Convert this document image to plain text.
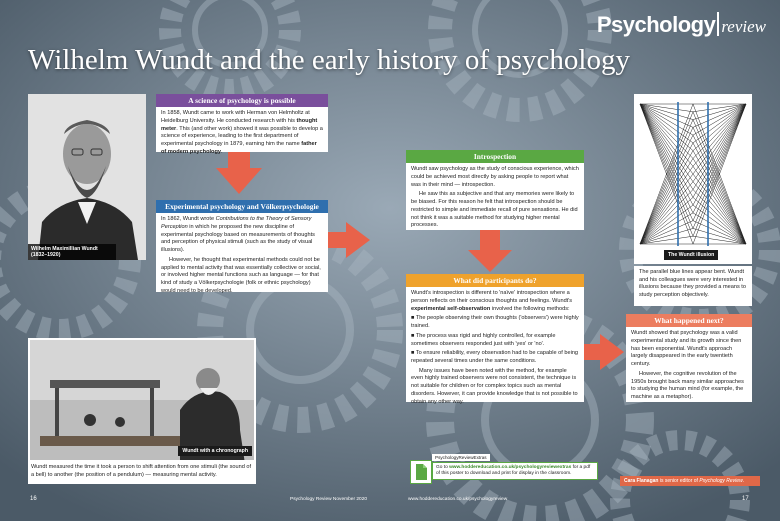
Wilhelm Wundt and the early history of psychology
Psychology review
Wilhelm Maximillian Wundt
(1832–1920)
A science of psychology is possible

In 1858, Wundt came to work with Herman von Helmholtz at Heidelburg University. He conducted research with his thought meter. This (and other work) showed it was possible to develop a science of experience, leading to the first department of experimental psychology in 1879, earning him the name father of modern psychology.

Experimental psychology and Völkerpsychologie

In 1862, Wundt wrote Contributions to the Theory of Sensory Perception in which he proposed the new discipline of experimental psychology based on measurements of thoughts and perception of physical stimuli (such as the study of visual illusions).

However, he thought that experimental methods could not be applied to mental activity that was essentially collective or social, or involved higher mental functions such as language — for that kind of study a Völkerpsychologie (folk or ethnic psychology) would need to be developed.

Introspection

Wundt saw psychology as the study of conscious experience, which could be achieved most directly by asking people to report what was in their mind — introspection.

He saw this as subjective and that any memories were likely to be biased. For this reason he felt that introspection should be restricted to simple and immediate recall of pure sensations. He did not think it was a suitable method for studying higher mental processes.

What did participants do?

Wundt's introspection is different to 'naïve' introspection where a person reflects on their conscious thoughts and feelings. Wundt's experimental self-observation involved the following methods:

■ The people observing their own thoughts ('observers') were highly trained.

■ The process was rigid and highly controlled, for example sometimes observers responded just with 'yes' or 'no'.

■ To ensure reliability, every observation had to be capable of being repeated several times under the same conditions.

Many issues have been noted with the method, for example even highly trained observers were not consistent, the technique is not suitable for children or for complex topics such as mental disorders. However, it can provide knowledge that is not possible to obtain any other way.

The Wundt illusion
The parallel blue lines appear bent. Wundt and his colleagues were very interested in illusions because they provided a means to study perception objectively.
What happened next?

Wundt showed that psychology was a valid experimental study and its growth since then has been exponential. Wundt's approach largely disappeared in the early twentieth century.

However, the cognitive revolution of the 1950s brought back many similar approaches to studying the human mind (for example, the machine as a metaphor).

Wundt with a chronograph
Wundt measured the time it took a person to shift attention from one stimuli (the sound of a bell) to another (the position of a pendulum) — measuring mental activity.
PsychologyReviewExtras
Go to www.hoddereducation.co.uk/psychologyreviewextras for a pdf of this poster to download and print for display in the classroom.
Cara Flanagan is senior editor of Psychology Review.
16	17
Psychology Review November 2020	www.hoddereducation.co.uk/psychologyreview
